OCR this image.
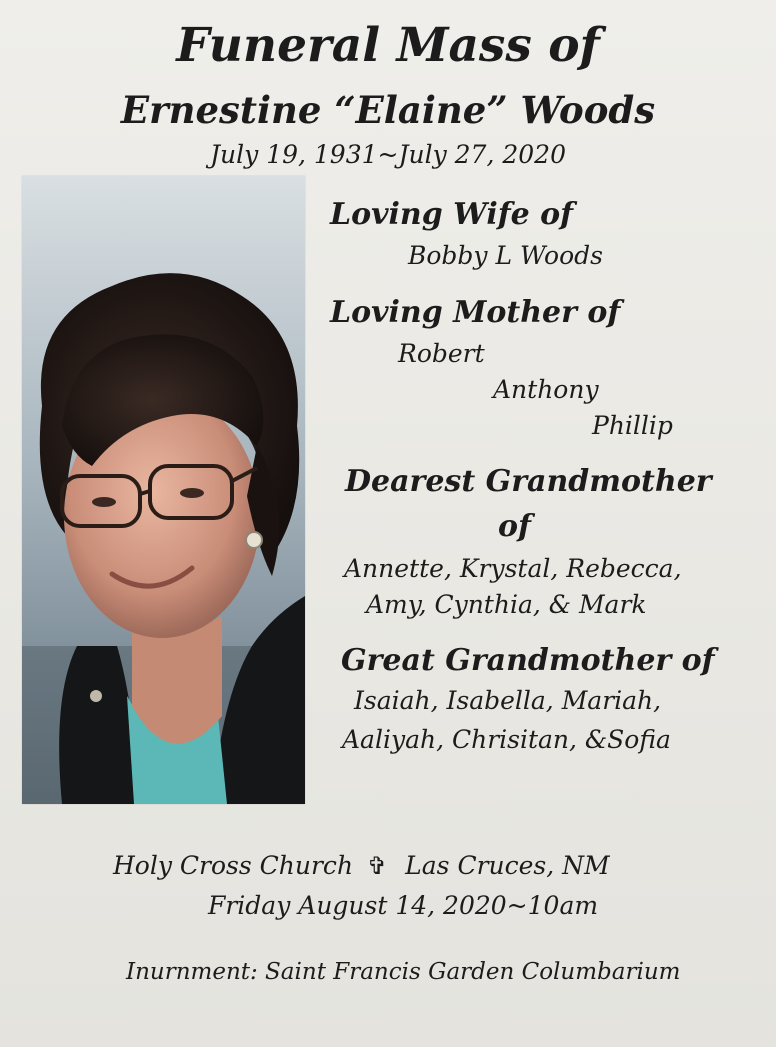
Funeral Mass of
Ernestine “Elaine” Woods
July 19, 1931~July 27, 2020
Loving Wife of
Bobby L Woods
Loving Mother of
Robert
Anthony
Phillip
Dearest Grandmother
of
Annette, Krystal, Rebecca,
Amy, Cynthia, & Mark
Great Grandmother of
Isaiah, Isabella, Mariah,
Aaliyah, Chrisitan, &Sofia
Holy Cross Church ✞ Las Cruces, NM
Friday August 14, 2020~10am
Inurnment: Saint Francis Garden Columbarium
